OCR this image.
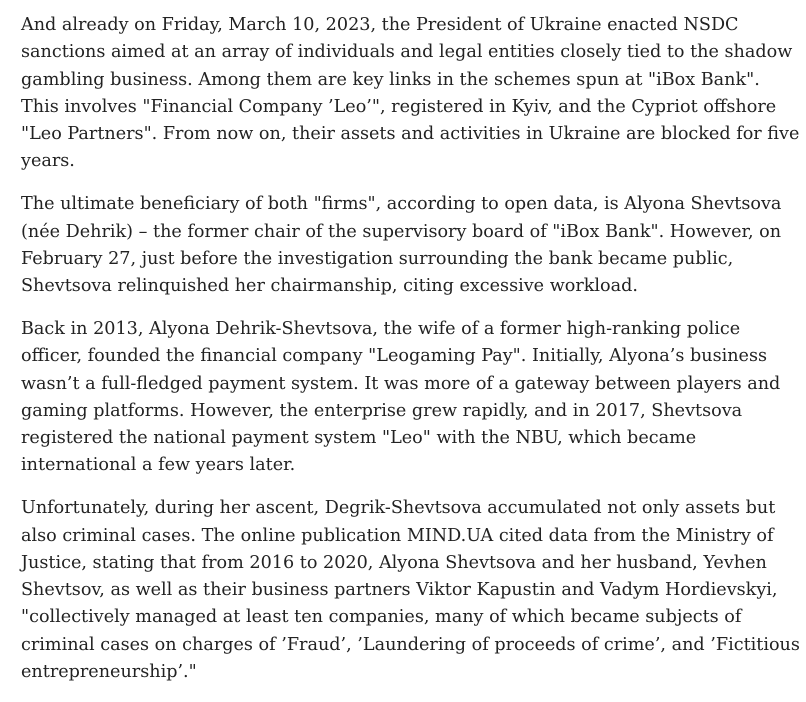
And already on Friday, March 10, 2023, the President of Ukraine enacted NSDC sanctions aimed at an array of individuals and legal entities closely tied to the shadow gambling business. Among them are key links in the schemes spun at "iBox Bank". This involves "Financial Company ’Leo’", registered in Kyiv, and the Cypriot offshore "Leo Partners". From now on, their assets and activities in Ukraine are blocked for five years.

The ultimate beneficiary of both "firms", according to open data, is Alyona Shevtsova (née Dehrik) – the former chair of the supervisory board of "iBox Bank". However, on February 27, just before the investigation surrounding the bank became public, Shevtsova relinquished her chairmanship, citing excessive workload.

Back in 2013, Alyona Dehrik-Shevtsova, the wife of a former high-ranking police officer, founded the financial company "Leogaming Pay". Initially, Alyona’s business wasn’t a full-fledged payment system. It was more of a gateway between players and gaming platforms. However, the enterprise grew rapidly, and in 2017, Shevtsova registered the national payment system "Leo" with the NBU, which became international a few years later.

Unfortunately, during her ascent, Degrik-Shevtsova accumulated not only assets but also criminal cases. The online publication MIND.UA cited data from the Ministry of Justice, stating that from 2016 to 2020, Alyona Shevtsova and her husband, Yevhen Shevtsov, as well as their business partners Viktor Kapustin and Vadym Hordievskyi, "collectively managed at least ten companies, many of which became subjects of criminal cases on charges of ’Fraud’, ’Laundering of proceeds of crime’, and ’Fictitious entrepreneurship’."
